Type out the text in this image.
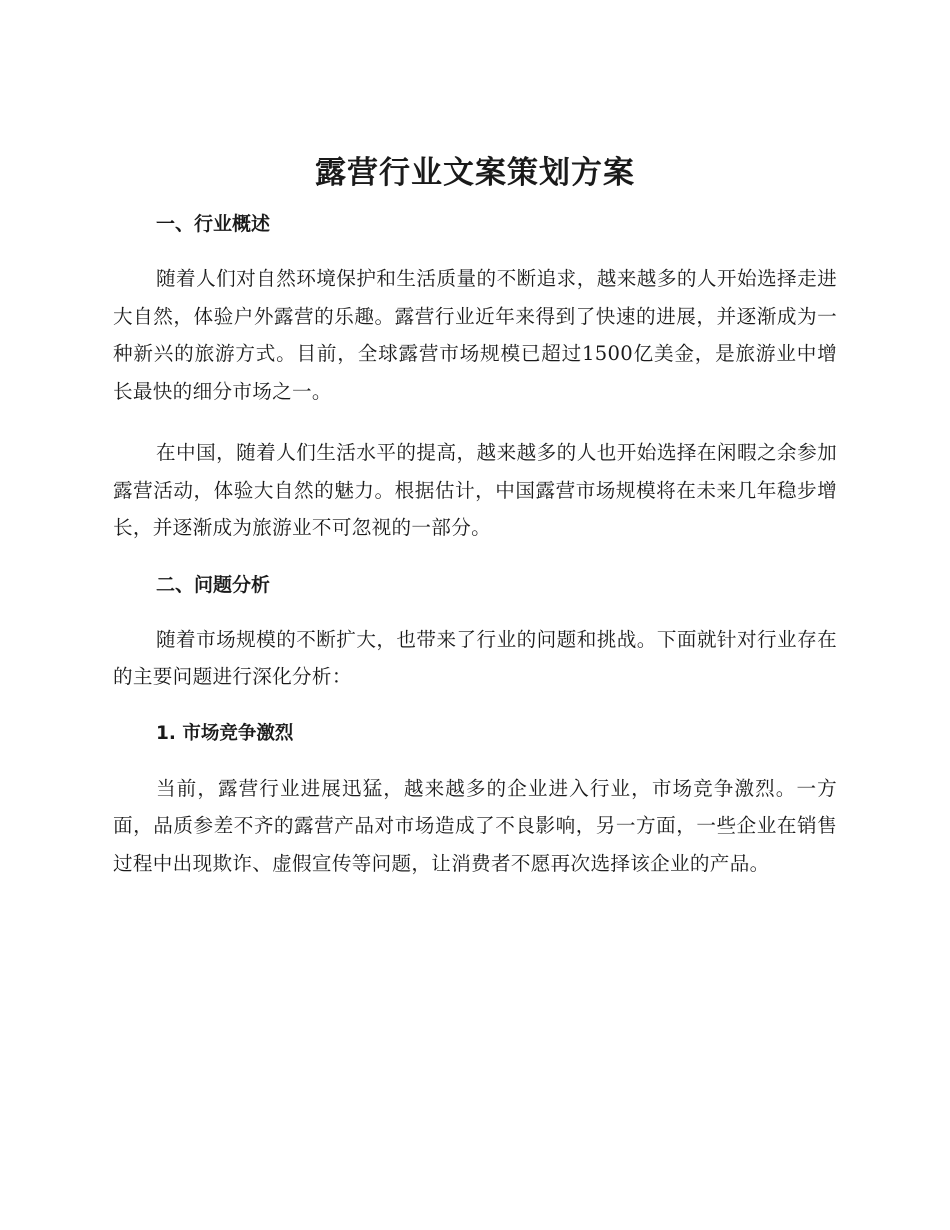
露营行业文案策划方案
一、行业概述

随着人们对自然环境保护和生活质量的不断追求，越来越多的人开始选择走进大自然，体验户外露营的乐趣。露营行业近年来得到了快速的进展，并逐渐成为一种新兴的旅游方式。目前，全球露营市场规模已超过1500亿美金，是旅游业中增长最快的细分市场之一。

在中国，随着人们生活水平的提高，越来越多的人也开始选择在闲暇之余参加露营活动，体验大自然的魅力。根据估计，中国露营市场规模将在未来几年稳步增长，并逐渐成为旅游业不可忽视的一部分。

二、问题分析

随着市场规模的不断扩大，也带来了行业的问题和挑战。下面就针对行业存在的主要问题进行深化分析：

1. 市场竞争激烈

当前，露营行业进展迅猛，越来越多的企业进入行业，市场竞争激烈。一方面，品质参差不齐的露营产品对市场造成了不良影响，另一方面，一些企业在销售过程中出现欺诈、虚假宣传等问题，让消费者不愿再次选择该企业的产品。
